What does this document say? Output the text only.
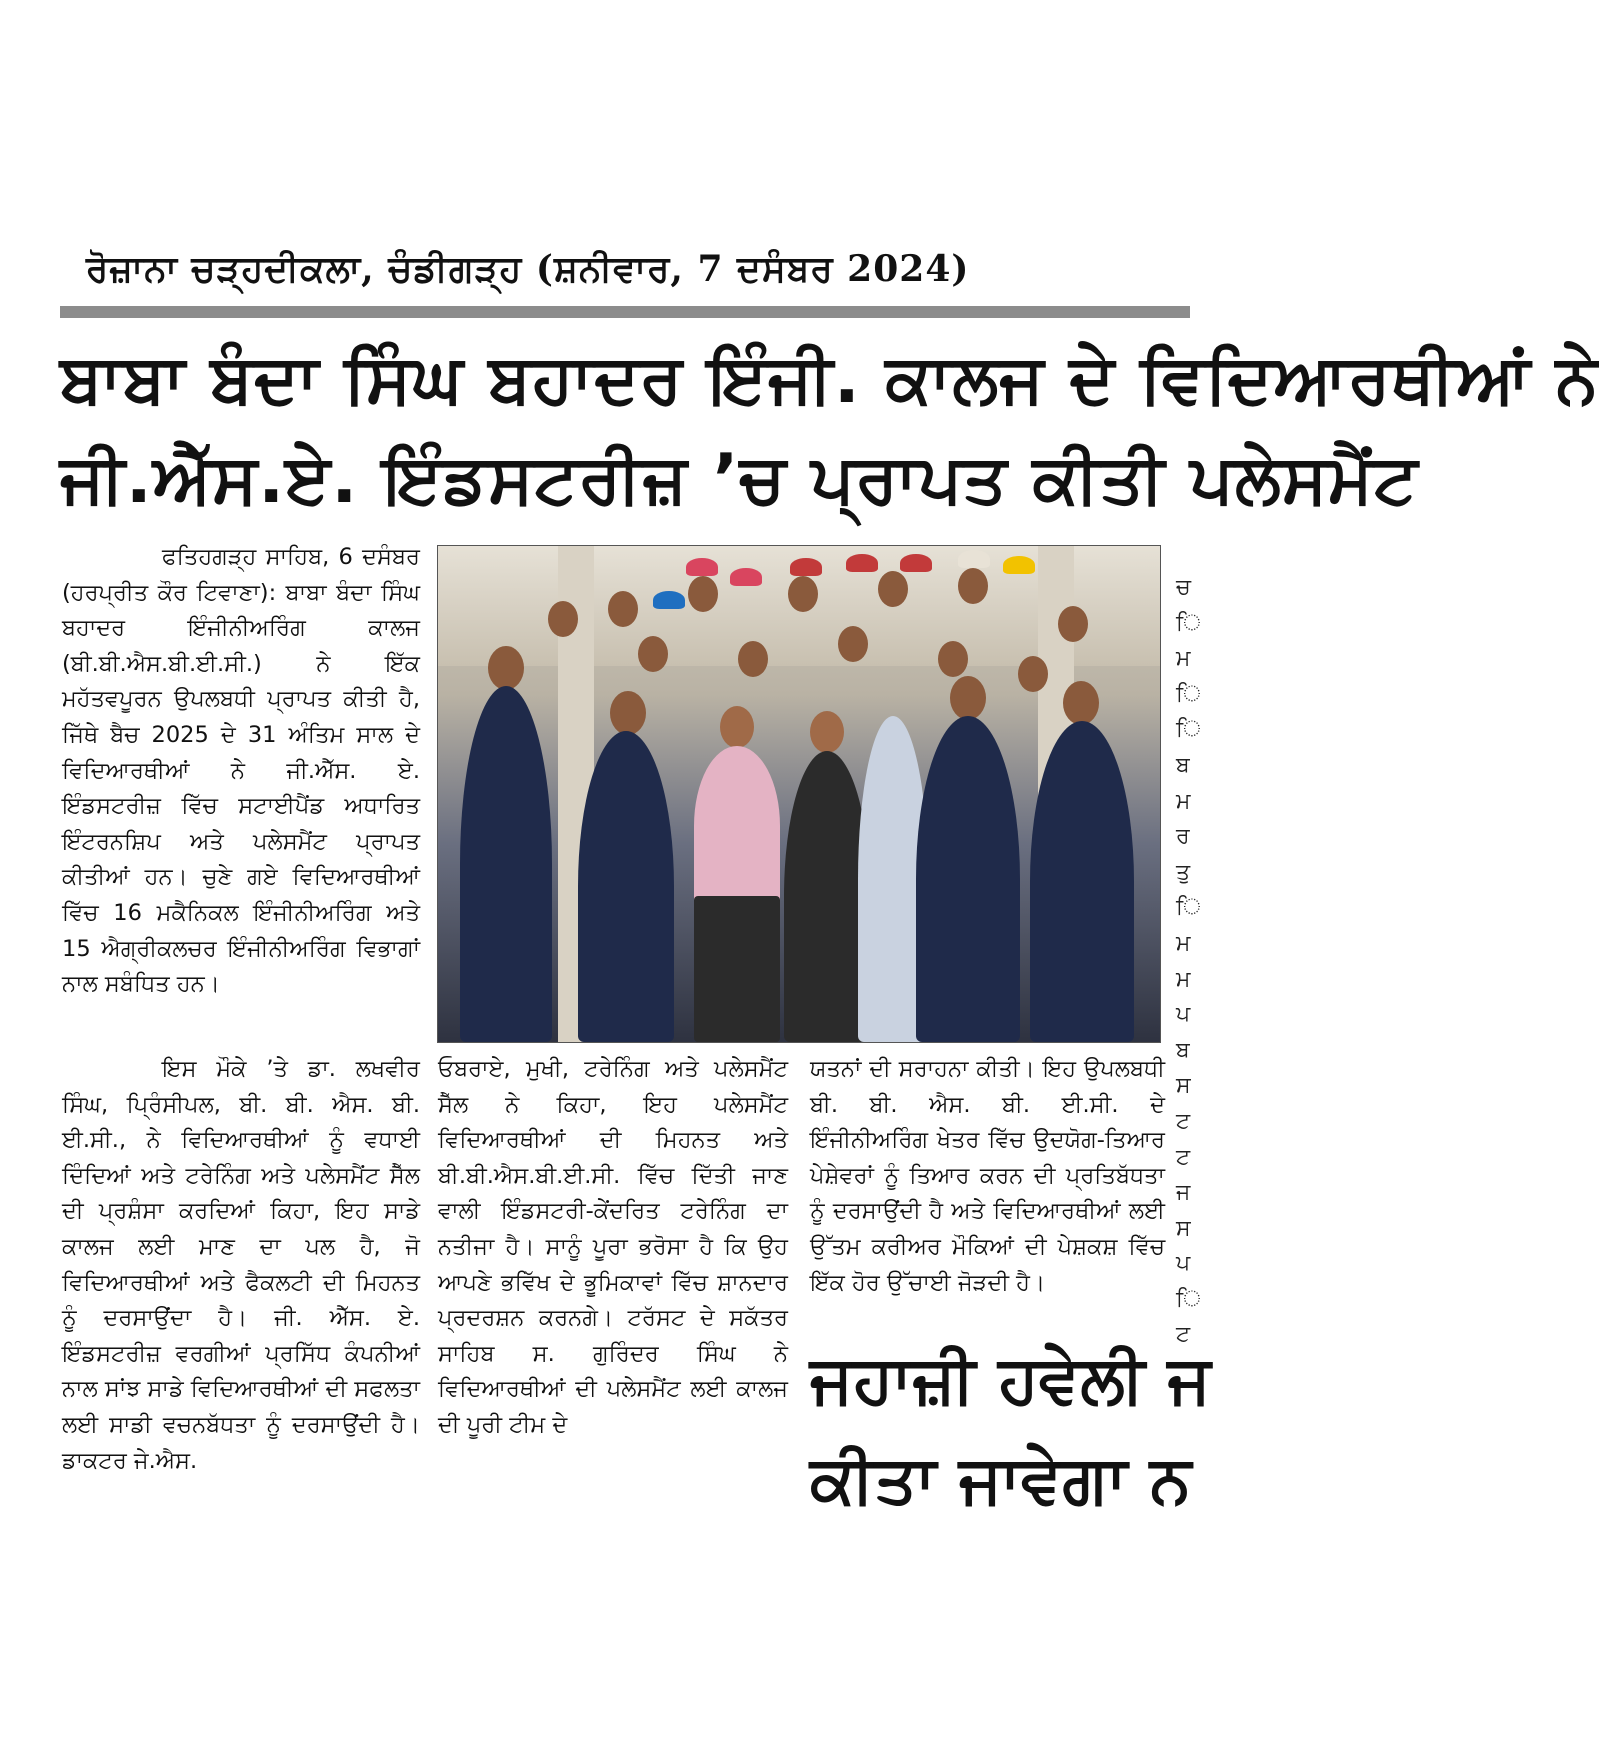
ਰੋਜ਼ਾਨਾ ਚੜ੍ਹਦੀਕਲਾ, ਚੰਡੀਗੜ੍ਹ (ਸ਼ਨੀਵਾਰ, 7 ਦਸੰਬਰ 2024)
ਬਾਬਾ ਬੰਦਾ ਸਿੰਘ ਬਹਾਦਰ ਇੰਜੀ. ਕਾਲਜ ਦੇ ਵਿਦਿਆਰਥੀਆਂ ਨੇ
ਜੀ.ਐੱਸ.ਏ. ਇੰਡਸਟਰੀਜ਼ ’ਚ ਪ੍ਰਾਪਤ ਕੀਤੀ ਪਲੇਸਮੈਂਟ

ਫਤਿਹਗੜ੍ਹ ਸਾਹਿਬ, 6 ਦਸੰਬਰ (ਹਰਪ੍ਰੀਤ ਕੌਰ ਟਿਵਾਣਾ): ਬਾਬਾ ਬੰਦਾ ਸਿੰਘ ਬਹਾਦਰ ਇੰਜੀਨੀਅਰਿੰਗ ਕਾਲਜ (ਬੀ.ਬੀ.ਐਸ.ਬੀ.ਈ.ਸੀ.) ਨੇ ਇੱਕ ਮਹੱਤਵਪੂਰਨ ਉਪਲਬਧੀ ਪ੍ਰਾਪਤ ਕੀਤੀ ਹੈ, ਜਿੱਥੇ ਬੈਚ 2025 ਦੇ 31 ਅੰਤਿਮ ਸਾਲ ਦੇ ਵਿਦਿਆਰਥੀਆਂ ਨੇ ਜੀ.ਐੱਸ. ਏ. ਇੰਡਸਟਰੀਜ਼ ਵਿੱਚ ਸਟਾਈਪੈਂਡ ਅਧਾਰਿਤ ਇੰਟਰਨਸ਼ਿਪ ਅਤੇ ਪਲੇਸਮੈਂਟ ਪ੍ਰਾਪਤ ਕੀਤੀਆਂ ਹਨ। ਚੁਣੇ ਗਏ ਵਿਦਿਆਰਥੀਆਂ ਵਿੱਚ 16 ਮਕੈਨਿਕਲ ਇੰਜੀਨੀਅਰਿੰਗ ਅਤੇ 15 ਐਗ੍ਰੀਕਲਚਰ ਇੰਜੀਨੀਅਰਿੰਗ ਵਿਭਾਗਾਂ ਨਾਲ ਸਬੰਧਿਤ ਹਨ।

ਚ
ਿ
ਮ
ਿ
ਿ
ਬ
ਮ
ਰ
ਤੁ
ਿ
ਮ
ਮ
ਪ
ਬ
ਸ
ਟ
ਟ
ਜ
ਸ
ਪ
ਿ
ਟ

ਇਸ ਮੌਕੇ ’ਤੇ ਡਾ. ਲਖਵੀਰ ਸਿੰਘ, ਪ੍ਰਿੰਸੀਪਲ, ਬੀ. ਬੀ. ਐਸ. ਬੀ. ਈ.ਸੀ., ਨੇ ਵਿਦਿਆਰਥੀਆਂ ਨੂੰ ਵਧਾਈ ਦਿੰਦਿਆਂ ਅਤੇ ਟਰੇਨਿੰਗ ਅਤੇ ਪਲੇਸਮੈਂਟ ਸੈੱਲ ਦੀ ਪ੍ਰਸ਼ੰਸਾ ਕਰਦਿਆਂ ਕਿਹਾ, ਇਹ ਸਾਡੇ ਕਾਲਜ ਲਈ ਮਾਣ ਦਾ ਪਲ ਹੈ, ਜੋ ਵਿਦਿਆਰਥੀਆਂ ਅਤੇ ਫੈਕਲਟੀ ਦੀ ਮਿਹਨਤ ਨੂੰ ਦਰਸਾਉਂਦਾ ਹੈ। ਜੀ. ਐੱਸ. ਏ. ਇੰਡਸਟਰੀਜ਼ ਵਰਗੀਆਂ ਪ੍ਰਸਿੱਧ ਕੰਪਨੀਆਂ ਨਾਲ ਸਾਂਝ ਸਾਡੇ ਵਿਦਿਆਰਥੀਆਂ ਦੀ ਸਫਲਤਾ ਲਈ ਸਾਡੀ ਵਚਨਬੱਧਤਾ ਨੂੰ ਦਰਸਾਉਂਦੀ ਹੈ।ਡਾਕਟਰ ਜੇ.ਐਸ.

ਓਬਰਾਏ, ਮੁਖੀ, ਟਰੇਨਿੰਗ ਅਤੇ ਪਲੇਸਮੈਂਟ ਸੈੱਲ ਨੇ ਕਿਹਾ, ਇਹ ਪਲੇਸਮੈਂਟ ਵਿਦਿਆਰਥੀਆਂ ਦੀ ਮਿਹਨਤ ਅਤੇ ਬੀ.ਬੀ.ਐਸ.ਬੀ.ਈ.ਸੀ. ਵਿੱਚ ਦਿੱਤੀ ਜਾਣ ਵਾਲੀ ਇੰਡਸਟਰੀ-ਕੇਂਦਰਿਤ ਟਰੇਨਿੰਗ ਦਾ ਨਤੀਜਾ ਹੈ। ਸਾਨੂੰ ਪੂਰਾ ਭਰੋਸਾ ਹੈ ਕਿ ਉਹ ਆਪਣੇ ਭਵਿੱਖ ਦੇ ਭੂਮਿਕਾਵਾਂ ਵਿੱਚ ਸ਼ਾਨਦਾਰ ਪ੍ਰਦਰਸ਼ਨ ਕਰਨਗੇ। ਟਰੱਸਟ ਦੇ ਸਕੱਤਰ ਸਾਹਿਬ ਸ. ਗੁਰਿੰਦਰ ਸਿੰਘ ਨੇ ਵਿਦਿਆਰਥੀਆਂ ਦੀ ਪਲੇਸਮੈਂਟ ਲਈ ਕਾਲਜ ਦੀ ਪੂਰੀ ਟੀਮ ਦੇ

ਯਤਨਾਂ ਦੀ ਸਰਾਹਨਾ ਕੀਤੀ। ਇਹ ਉਪਲਬਧੀ ਬੀ. ਬੀ. ਐਸ. ਬੀ. ਈ.ਸੀ. ਦੇ ਇੰਜੀਨੀਅਰਿੰਗ ਖੇਤਰ ਵਿੱਚ ਉਦਯੋਗ-ਤਿਆਰ ਪੇਸ਼ੇਵਰਾਂ ਨੂੰ ਤਿਆਰ ਕਰਨ ਦੀ ਪ੍ਰਤਿਬੱਧਤਾ ਨੂੰ ਦਰਸਾਉਂਦੀ ਹੈ ਅਤੇ ਵਿਦਿਆਰਥੀਆਂ ਲਈ ਉੱਤਮ ਕਰੀਅਰ ਮੌਕਿਆਂ ਦੀ ਪੇਸ਼ਕਸ਼ ਵਿੱਚ ਇੱਕ ਹੋਰ ਉੱਚਾਈ ਜੋੜਦੀ ਹੈ।

ਜਹਾਜ਼ੀ ਹਵੇਲੀ ਜ
ਕੀਤਾ ਜਾਵੇਗਾ ਨ
